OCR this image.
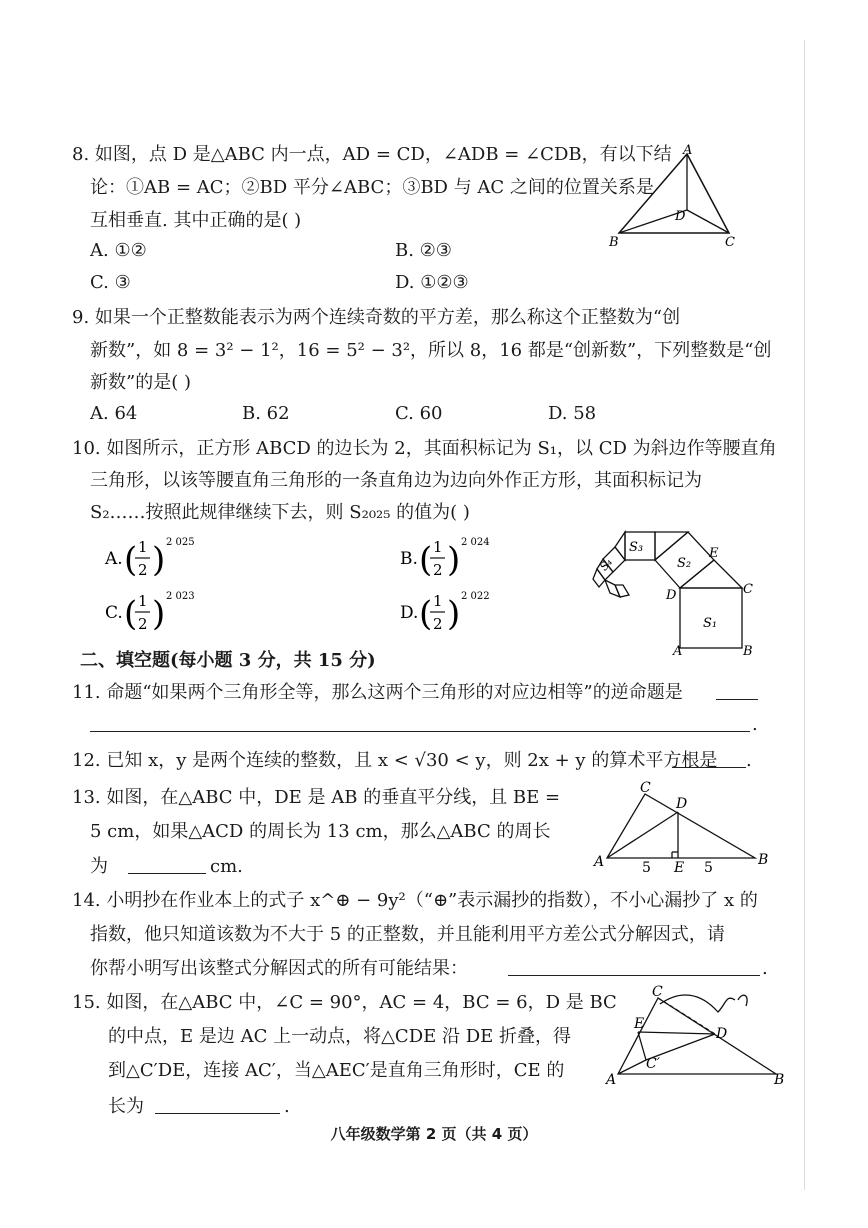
8. 如图，点 D 是△ABC 内一点，AD = CD，∠ADB = ∠CDB，有以下结
论：①AB = AC；②BD 平分∠ABC；③BD 与 AC 之间的位置关系是
互相垂直. 其中正确的是( )
A. ①②	B. ②③
C. ③	D. ①②③
A
B	C
D
9. 如果一个正整数能表示为两个连续奇数的平方差，那么称这个正整数为“创
新数”，如 8 = 3² − 1²，16 = 5² − 3²，所以 8，16 都是“创新数”，下列整数是“创
新数”的是( )
A. 64	B. 62	C. 60	D. 58
10. 如图所示，正方形 ABCD 的边长为 2，其面积标记为 S₁，以 CD 为斜边作等腰直角
三角形，以该等腰直角三角形的一条直角边为边向外作正方形，其面积标记为
S₂……按照此规律继续下去，则 S₂₀₂₅ 的值为( )
A. ( 1
2 ) 2 025
B. ( 1
2 ) 2 024
C. ( 1
2 ) 2 023
D. ( 1
2 ) 2 022
S₁
S₂
S₃
S₄
A	B
C
D
E
二、填空题(每小题 3 分，共 15 分)
11. 命题“如果两个三角形全等，那么这两个三角形的对应边相等”的逆命题是
.
12. 已知 x，y 是两个连续的整数，且 x < √30 < y，则 2x + y 的算术平方根是 .
13. 如图，在△ABC 中，DE 是 AB 的垂直平分线，且 BE =
5 cm，如果△ACD 的周长为 13 cm，那么△ABC 的周长
为	cm.	A	B
C
D
E
5	5
14. 小明抄在作业本上的式子 x^⊕ − 9y²（“⊕”表示漏抄的指数），不小心漏抄了 x 的
指数，他只知道该数为不大于 5 的正整数，并且能利用平方差公式分解因式，请
你帮小明写出该整式分解因式的所有可能结果：	.
15. 如图，在△ABC 中，∠C = 90°，AC = 4，BC = 6，D 是 BC
的中点，E 是边 AC 上一动点，将△CDE 沿 DE 折叠，得
到△C′DE，连接 AC′，当△AEC′是直角三角形时，CE 的
长为	.
C
E
D
C′
A	B
八年级数学第 2 页（共 4 页）
